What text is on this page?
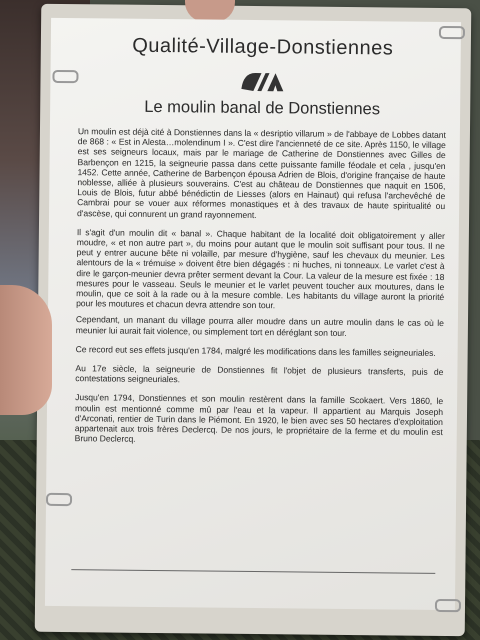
Qualité-Village-Donstiennes
Le moulin banal de Donstiennes

Un moulin est déjà cité à Donstiennes dans la « desriptio villarum » de l'abbaye de Lobbes datant de 868 : « Est in Alesta…molendinum I ». C'est dire l'ancienneté de ce site. Après 1150, le village est ses seigneurs locaux, mais par le mariage de Catherine de Donstiennes avec Gilles de Barbençon en 1215, la seigneurie passa dans cette puissante famille féodale et cela , jusqu'en 1452. Cette année, Catherine de Barbençon épousa Adrien de Blois, d'origine française de haute noblesse, alliée à plusieurs souverains. C'est au château de Donstiennes que naquit en 1506, Louis de Blois, futur abbé bénédictin de Liesses (alors en Hainaut) qui refusa l'archevêché de Cambrai pour se vouer aux réformes monastiques et à des travaux de haute spiritualité ou d'ascèse, qui connurent un grand rayonnement.

Il s'agit d'un moulin dit « banal ». Chaque habitant de la localité doit obligatoirement y aller moudre, « et non autre part », du moins pour autant que le moulin soit suffisant pour tous. Il ne peut y entrer aucune bête ni volaille, par mesure d'hygiène, sauf les chevaux du meunier. Les alentours de la « trémuise » doivent être bien dégagés : ni huches, ni tonneaux. Le varlet c'est à dire le garçon-meunier devra prêter serment devant la Cour. La valeur de la mesure est fixée : 18 mesures pour le vasseau. Seuls le meunier et le varlet peuvent toucher aux moutures, dans le moulin, que ce soit à la rade ou à la mesure comble. Les habitants du village auront la priorité pour les moutures et chacun devra attendre son tour.

Cependant, un manant du village pourra aller moudre dans un autre moulin dans le cas où le meunier lui aurait fait violence, ou simplement tort en déréglant son tour.

Ce record eut ses effets jusqu'en 1784, malgré les modifications dans les familles seigneuriales.

Au 17e siècle, la seigneurie de Donstiennes fit l'objet de plusieurs transferts, puis de contestations seigneuriales.

Jusqu'en 1794, Donstiennes et son moulin restèrent dans la famille Scokaert. Vers 1860, le moulin est mentionné comme mû par l'eau et la vapeur. Il appartient au Marquis Joseph d'Arconati, rentier de Turin dans le Piémont. En 1920, le bien avec ses 50 hectares d'exploitation appartenait aux trois frères Declercq. De nos jours, le propriétaire de la ferme et du moulin est Bruno Declercq.
